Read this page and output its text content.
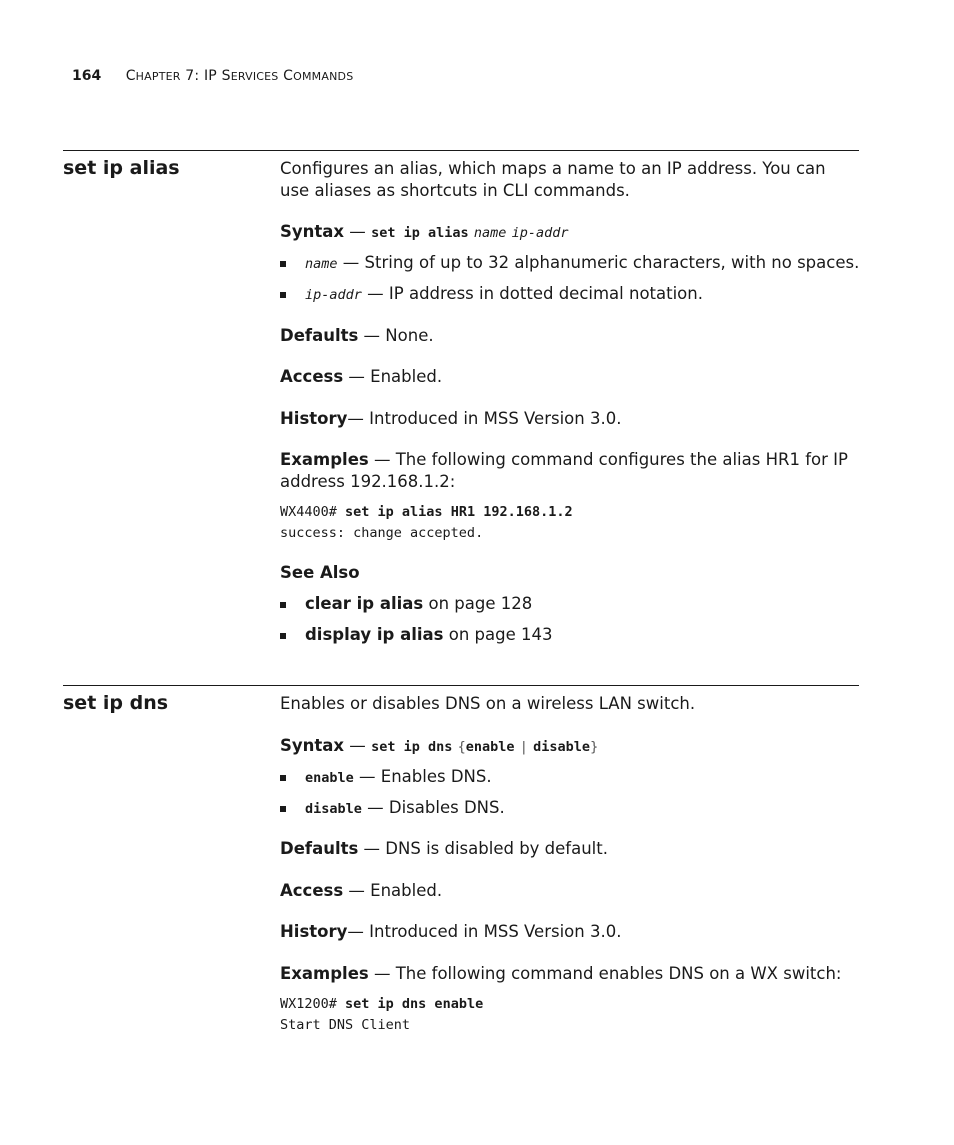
164 CHAPTER 7: IP SERVICES COMMANDS
set ip alias	Configures an alias, which maps a name to an IP address. You can use aliases as shortcuts in CLI commands.

Syntax — set ip alias name ip-addr

name — String of up to 32 alphanumeric characters, with no spaces.
ip-addr — IP address in dotted decimal notation.

Defaults — None.

Access — Enabled.

History— Introduced in MSS Version 3.0.

Examples — The following command configures the alias HR1 for IP address 192.168.1.2:

WX4400# set ip alias HR1 192.168.1.2
success: change accepted.

See Also

clear ip alias on page 128
display ip alias on page 143
set ip dns	Enables or disables DNS on a wireless LAN switch.

Syntax — set ip dns {enable | disable}

enable — Enables DNS.
disable — Disables DNS.

Defaults — DNS is disabled by default.

Access — Enabled.

History— Introduced in MSS Version 3.0.

Examples — The following command enables DNS on a WX switch:

WX1200# set ip dns enable
Start DNS Client
